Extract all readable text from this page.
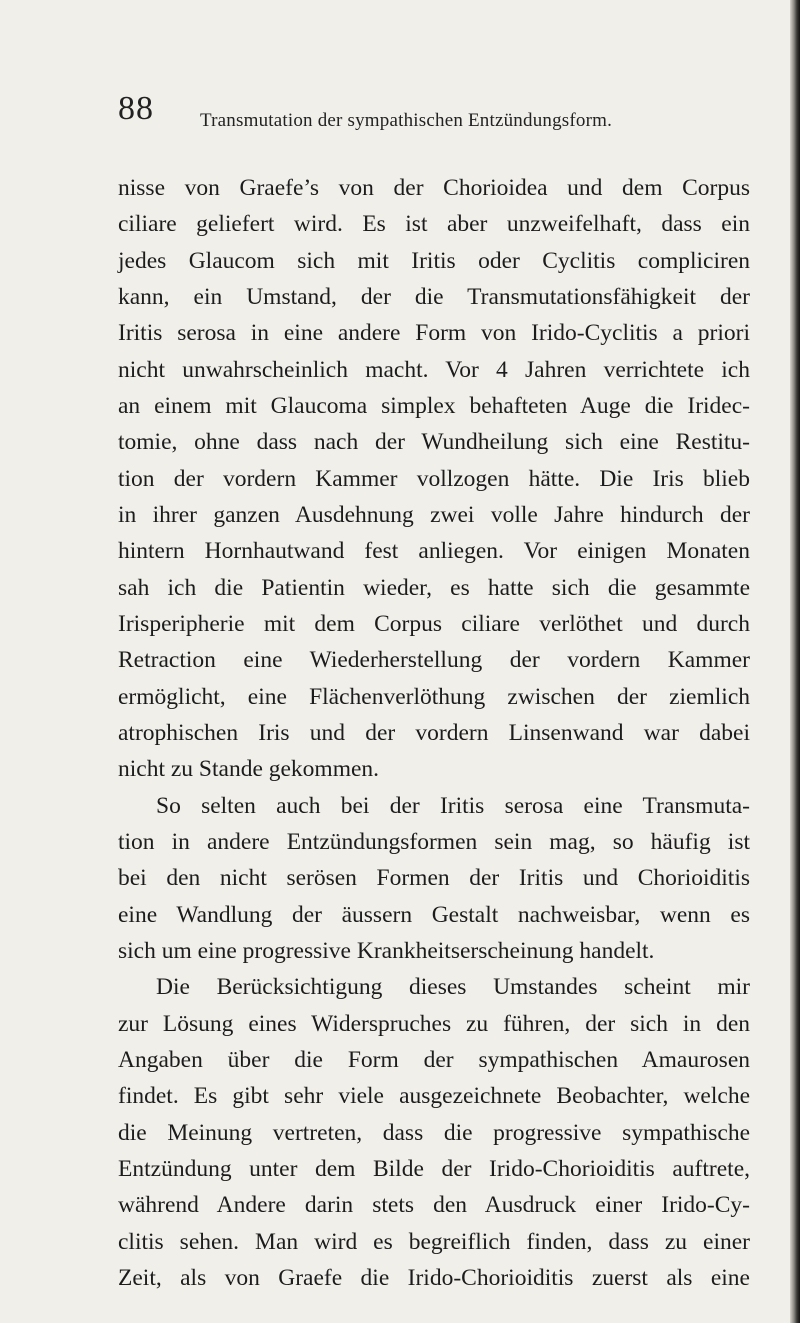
88 Transmutation der sympathischen Entzündungsform.
nisse von Graefe’s von der Chorioidea und dem Corpus
ciliare geliefert wird. Es ist aber unzweifelhaft, dass ein
jedes Glaucom sich mit Iritis oder Cyclitis compliciren
kann, ein Umstand, der die Transmutationsfähigkeit der
Iritis serosa in eine andere Form von Irido-Cyclitis a priori
nicht unwahrscheinlich macht. Vor 4 Jahren verrichtete ich
an einem mit Glaucoma simplex behafteten Auge die Iridec-
tomie, ohne dass nach der Wundheilung sich eine Restitu-
tion der vordern Kammer vollzogen hätte. Die Iris blieb
in ihrer ganzen Ausdehnung zwei volle Jahre hindurch der
hintern Hornhautwand fest anliegen. Vor einigen Monaten
sah ich die Patientin wieder, es hatte sich die gesammte
Irisperipherie mit dem Corpus ciliare verlöthet und durch
Retraction eine Wiederherstellung der vordern Kammer
ermöglicht, eine Flächenverlöthung zwischen der ziemlich
atrophischen Iris und der vordern Linsenwand war dabei
nicht zu Stande gekommen.
So selten auch bei der Iritis serosa eine Transmuta-
tion in andere Entzündungsformen sein mag, so häufig ist
bei den nicht serösen Formen der Iritis und Chorioiditis
eine Wandlung der äussern Gestalt nachweisbar, wenn es
sich um eine progressive Krankheitserscheinung handelt.
Die Berücksichtigung dieses Umstandes scheint mir
zur Lösung eines Widerspruches zu führen, der sich in den
Angaben über die Form der sympathischen Amaurosen
findet. Es gibt sehr viele ausgezeichnete Beobachter, welche
die Meinung vertreten, dass die progressive sympathische
Entzündung unter dem Bilde der Irido-Chorioiditis auftrete,
während Andere darin stets den Ausdruck einer Irido-Cy-
clitis sehen. Man wird es begreiflich finden, dass zu einer
Zeit, als von Graefe die Irido-Chorioiditis zuerst als eine
